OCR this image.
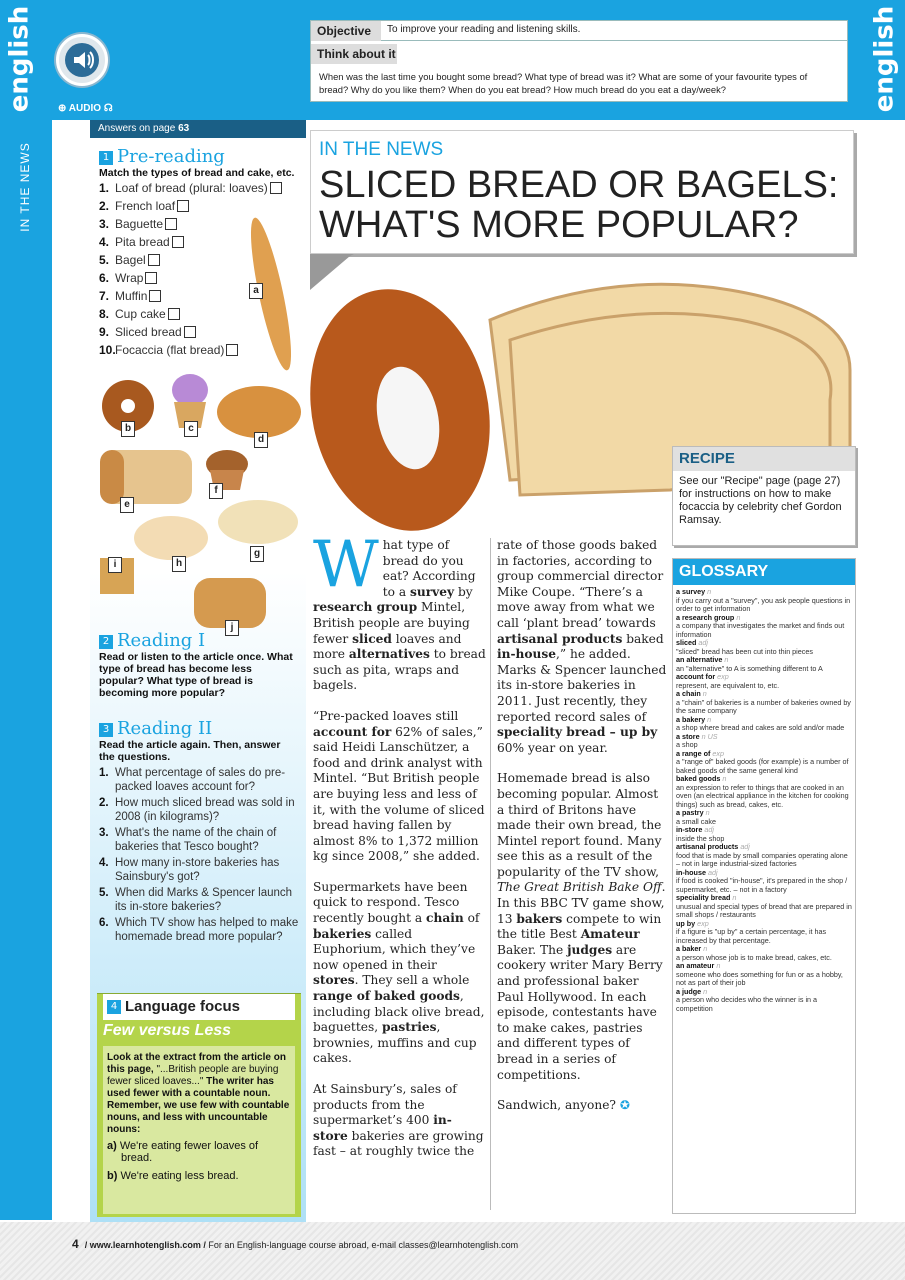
english	english
⊕ AUDIO ☊
Objective	To improve your reading and listening skills.
Think about it
When was the last time you bought some bread? What type of bread was it? What are some of your favourite types of bread? Why do you like them? When do you eat bread? How much bread do you eat a day/week?
IN THE NEWS
Answers on page 63
1 Pre-reading
Match the types of bread and cake, etc.
1. Loaf of bread (plural: loaves)
2. French loaf
3. Baguette
4. Pita bread
5. Bagel
6. Wrap
7. Muffin
8. Cup cake
9. Sliced bread
10.Focaccia (flat bread)
a
b	c
d
e
f
g
h
i
j
2 Reading I
Read or listen to the article once. What type of bread has become less popular? What type of bread is becoming more popular?
3 Reading II
Read the article again. Then, answer the questions.
1. What percentage of sales do pre-packed loaves account for?
2. How much sliced bread was sold in 2008 (in kilograms)?
3. What's the name of the chain of bakeries that Tesco bought?
4. How many in-store bakeries has Sainsbury's got?
5. When did Marks & Spencer launch its in-store bakeries?
6. Which TV show has helped to make homemade bread more popular?
4 Language focus
Few versus Less
Look at the extract from the article on this page, "...British people are buying fewer sliced loaves..." The writer has used fewer with a countable noun. Remember, we use few with countable nouns, and less with uncountable nouns:
a) We're eating fewer loaves of bread.
b) We're eating less bread.
IN THE NEWS
SLICED BREAD OR BAGELS: WHAT'S MORE POPULAR?
W hat type of bread do you eat? According to a survey by research group Mintel, British people are buying fewer sliced loaves and more alternatives to bread such as pita, wraps and bagels.

“Pre-packed loaves still account for 62% of sales,” said Heidi Lanschützer, a food and drink analyst with Mintel. “But British people are buying less and less of it, with the volume of sliced bread having fallen by almost 8% to 1,372 million kg since 2008,” she added.

Supermarkets have been quick to respond. Tesco recently bought a chain of bakeries called Euphorium, which they’ve now opened in their stores. They sell a whole range of baked goods, including black olive bread, baguettes, pastries, brownies, muffins and cup cakes.

At Sainsbury’s, sales of products from the supermarket’s 400 in-store bakeries are growing fast – at roughly twice the

rate of those goods baked in factories, according to group commercial director Mike Coupe. “There’s a move away from what we call ‘plant bread’ towards artisanal products baked in-house,” he added. Marks & Spencer launched its in-store bakeries in 2011. Just recently, they reported record sales of speciality bread – up by 60% year on year.

Homemade bread is also becoming popular. Almost a third of Britons have made their own bread, the Mintel report found. Many see this as a result of the popularity of the TV show, The Great British Bake Off. In this BBC TV game show, 13 bakers compete to win the title Best Amateur Baker. The judges are cookery writer Mary Berry and professional baker Paul Hollywood. In each episode, contestants have to make cakes, pastries and different types of bread in a series of competitions.

Sandwich, anyone? ✪

RECIPE
See our "Recipe" page (page 27) for instructions on how to make focaccia by celebrity chef Gordon Ramsay.
GLOSSARY
a survey n
if you carry out a "survey", you ask people questions in order to get information
a research group n
a company that investigates the market and finds out information
sliced adj
"sliced" bread has been cut into thin pieces
an alternative n
an "alternative" to A is something different to A
account for exp
represent, are equivalent to, etc.
a chain n
a "chain" of bakeries is a number of bakeries owned by the same company
a bakery n
a shop where bread and cakes are sold and/or made
a store n US
a shop
a range of exp
a "range of" baked goods (for example) is a number of baked goods of the same general kind
baked goods n
an expression to refer to things that are cooked in an oven (an electrical appliance in the kitchen for cooking things) such as bread, cakes, etc.
a pastry n
a small cake
in-store adj
inside the shop
artisanal products adj
food that is made by small companies operating alone – not in large industrial-sized factories
in-house adj
if food is cooked "in-house", it's prepared in the shop / supermarket, etc. – not in a factory
speciality bread n
unusual and special types of bread that are prepared in small shops / restaurants
up by exp
if a figure is "up by" a certain percentage, it has increased by that percentage.
a baker n
a person whose job is to make bread, cakes, etc.
an amateur n
someone who does something for fun or as a hobby, not as part of their job
a judge n
a person who decides who the winner is in a competition
4 / www.learnhotenglish.com / For an English-language course abroad, e-mail classes@learnhotenglish.com
